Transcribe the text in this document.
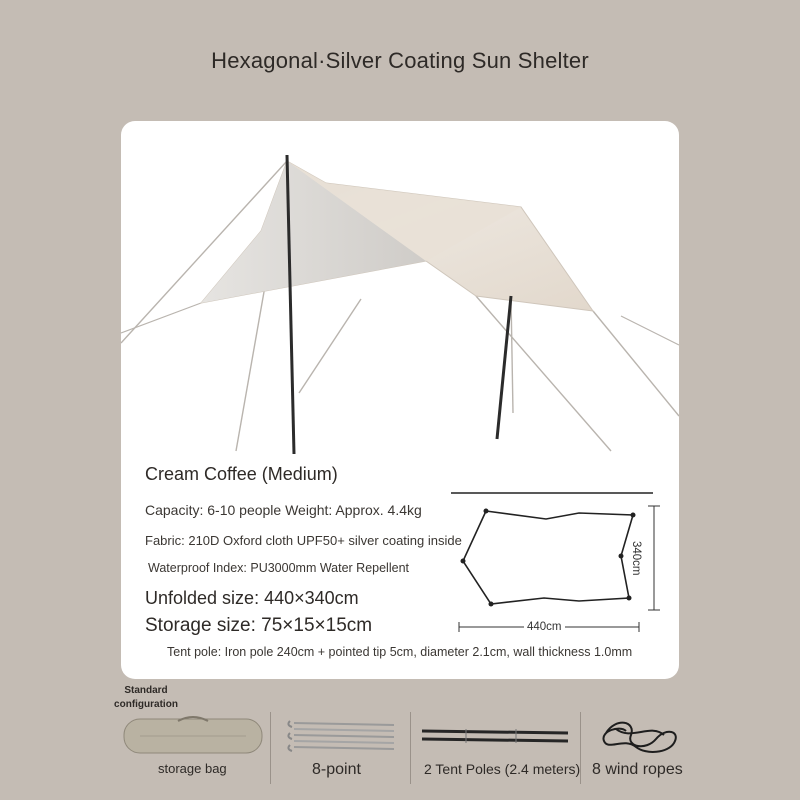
Hexagonal·Silver Coating Sun Shelter
Cream Coffee (Medium)
Capacity: 6-10 people Weight: Approx. 4.4kg
Fabric: 210D Oxford cloth UPF50+ silver coating inside
Waterproof Index: PU3000mm Water Repellent
Unfolded size: 440×340cm
Storage size: 75×15×15cm	440cm
340cm
Tent pole: Iron pole 240cm + pointed tip 5cm, diameter 2.1cm, wall thickness 1.0mm
Standard configuration
storage bag	8-point	2 Tent Poles (2.4 meters) 8 wind ropes
